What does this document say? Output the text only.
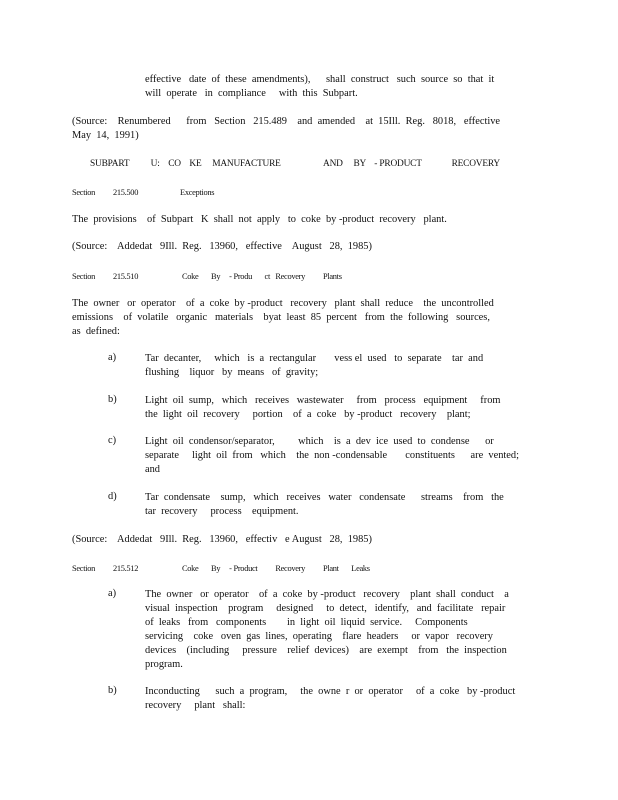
effective   date  of  these  amendments),      shall  construct   such  source  so  that  it
will  operate   in  compliance     with  this  Subpart.
(Source:    Renumbered      from   Section   215.489    and  amended    at  15Ill.  Reg.   8018,   effective
May  14,  1991)
SUBPART          U:    CO    KE     MANUFACTURE                    AND     BY    - PRODUCT              RECOVERY
Section          215.500	Exceptions
The  provisions    of  Subpart   K  shall  not  apply   to  coke  by -product  recovery   plant.
(Source:    Addedat   9Ill.  Reg.   13960,   effective    August   28,  1985)
Section          215.510	Coke       By     - Produ       ct   Recovery          Plants
The  owner   or  operator    of  a  coke  by -product   recovery   plant  shall  reduce    the  uncontrolled
emissions    of  volatile   organic   materials    byat  least  85  percent   from  the  following   sources,
as  defined:
a)	Tar  decanter,     which   is  a  rectangular       vess el  used   to  separate    tar  and
flushing    liquor   by  means   of  gravity;
b)	Light  oil  sump,   which   receives   wastewater     from   process   equipment     from
the  light  oil  recovery     portion    of  a  coke   by -product   recovery    plant;
c)	Light  oil  condensor/separator,         which    is  a  dev  ice  used  to  condense      or
separate     light  oil  from   which    the  non -condensable       constituents      are  vented;
and
d)	Tar  condensate    sump,   which   receives   water   condensate      streams    from   the
tar  recovery     process    equipment.
(Source:    Addedat   9Ill.  Reg.   13960,   effectiv   e August   28,  1985)
Section          215.512	Coke       By     - Product          Recovery          Plant       Leaks
a)	The  owner   or  operator    of  a  coke  by -product   recovery    plant  shall  conduct    a
visual  inspection    program     designed     to  detect,   identify,   and  facilitate   repair
of  leaks   from   components        in  light  oil  liquid  service.     Components
servicing    coke   oven  gas  lines,  operating    flare  headers     or  vapor   recovery
devices    (including     pressure    relief  devices)    are  exempt    from   the  inspection
program.
b)	Inconducting      such  a  program,     the  owne  r  or  operator     of  a  coke   by -product
recovery     plant   shall:
